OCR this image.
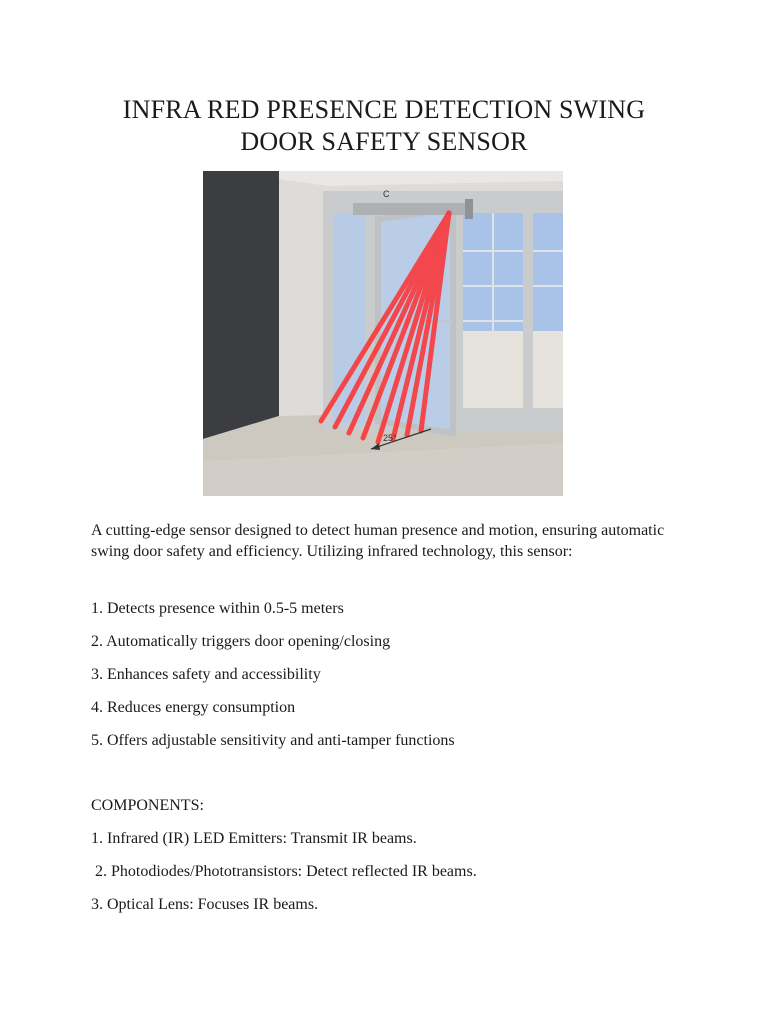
INFRA RED PRESENCE DETECTION SWING
DOOR SAFETY SENSOR
C
25°

A cutting-edge sensor designed to detect human presence and motion, ensuring automatic swing door safety and efficiency. Utilizing infrared technology, this sensor:

1. Detects presence within 0.5-5 meters

2. Automatically triggers door opening/closing

3. Enhances safety and accessibility

4. Reduces energy consumption

5. Offers adjustable sensitivity and anti-tamper functions

COMPONENTS:

1. Infrared (IR) LED Emitters: Transmit IR beams.

2. Photodiodes/Phototransistors: Detect reflected IR beams.

3. Optical Lens: Focuses IR beams.
